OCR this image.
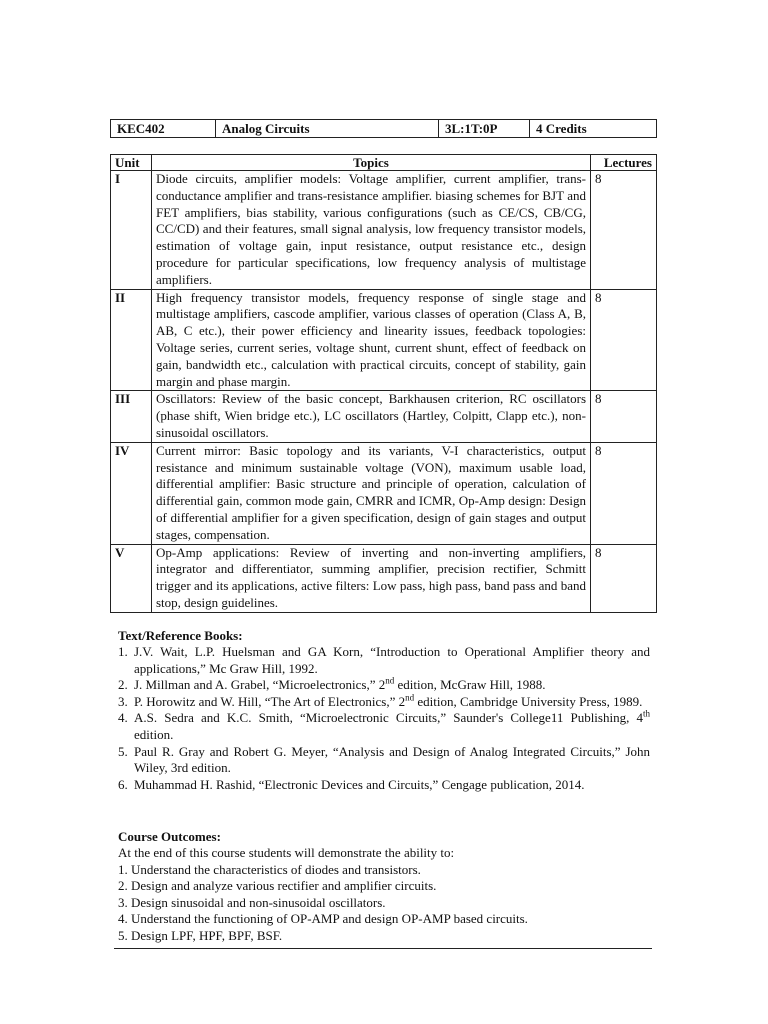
KEC402	Analog Circuits	3L:1T:0P	4 Credits
Unit	Topics	Lectures
I	Diode circuits, amplifier models: Voltage amplifier, current amplifier, trans-conductance amplifier and trans-resistance amplifier. biasing schemes for BJT and FET amplifiers, bias stability, various configurations (such as CE/CS, CB/CG, CC/CD) and their features, small signal analysis, low frequency transistor models, estimation of voltage gain, input resistance, output resistance etc., design procedure for particular specifications, low frequency analysis of multistage amplifiers.	8
II	High frequency transistor models, frequency response of single stage and multistage amplifiers, cascode amplifier, various classes of operation (Class A, B, AB, C etc.), their power efficiency and linearity issues, feedback topologies: Voltage series, current series, voltage shunt, current shunt, effect of feedback on gain, bandwidth etc., calculation with practical circuits, concept of stability, gain margin and phase margin.	8
III	Oscillators: Review of the basic concept, Barkhausen criterion, RC oscillators (phase shift, Wien bridge etc.), LC oscillators (Hartley, Colpitt, Clapp etc.), non-sinusoidal oscillators.	8
IV	Current mirror: Basic topology and its variants, V-I characteristics, output resistance and minimum sustainable voltage (VON), maximum usable load, differential amplifier: Basic structure and principle of operation, calculation of differential gain, common mode gain, CMRR and ICMR, Op-Amp design: Design of differential amplifier for a given specification, design of gain stages and output stages, compensation.	8
V	Op-Amp applications: Review of inverting and non-inverting amplifiers, integrator and differentiator, summing amplifier, precision rectifier, Schmitt trigger and its applications, active filters: Low pass, high pass, band pass and band stop, design guidelines.	8
Text/Reference Books:
1. J.V. Wait, L.P. Huelsman and GA Korn, “Introduction to Operational Amplifier theory and applications,” Mc Graw Hill, 1992.
2. J. Millman and A. Grabel, “Microelectronics,” 2nd edition, McGraw Hill, 1988.
3. P. Horowitz and W. Hill, “The Art of Electronics,” 2nd edition, Cambridge University Press, 1989.
4. A.S. Sedra and K.C. Smith, “Microelectronic Circuits,” Saunder's College11 Publishing, 4th edition.
5. Paul R. Gray and Robert G. Meyer, “Analysis and Design of Analog Integrated Circuits,” John Wiley, 3rd edition.
6. Muhammad H. Rashid, “Electronic Devices and Circuits,” Cengage publication, 2014.
Course Outcomes:

At the end of this course students will demonstrate the ability to:

1. Understand the characteristics of diodes and transistors.

2. Design and analyze various rectifier and amplifier circuits.

3. Design sinusoidal and non-sinusoidal oscillators.

4. Understand the functioning of OP-AMP and design OP-AMP based circuits.

5. Design LPF, HPF, BPF, BSF.
